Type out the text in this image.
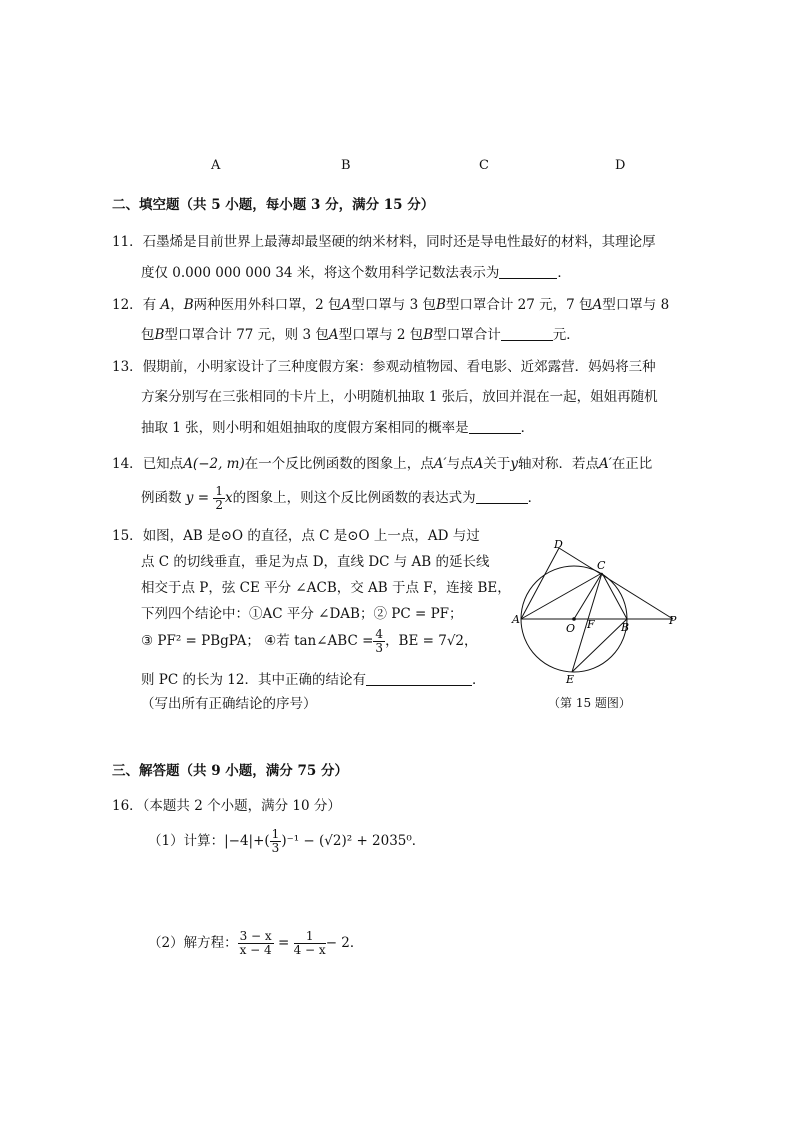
A	B	C	D
二、填空题（共 5 小题，每小题 3 分，满分 15 分）
11．石墨烯是目前世界上最薄却最坚硬的纳米材料，同时还是导电性最好的材料，其理论厚
度仅 0.000 000 000 34 米，将这个数用科学记数法表示为	．
12．有 A，B两种医用外科口罩，2 包A型口罩与 3 包B型口罩合计 27 元，7 包A型口罩与 8
包B型口罩合计 77 元，则 3 包A型口罩与 2 包B型口罩合计	元．
13．假期前，小明家设计了三种度假方案：参观动植物园、看电影、近郊露营．妈妈将三种
方案分别写在三张相同的卡片上，小明随机抽取 1 张后，放回并混在一起，姐姐再随机
抽取 1 张，则小明和姐姐抽取的度假方案相同的概率是	．
14．已知点A(−2, m)在一个反比例函数的图象上，点A′与点A关于y轴对称．若点A′在正比
例函数 $y = \frac{1}{2}$ x的图象上，则这个反比例函数的表达式为	．
15．如图，AB 是⊙O 的直径，点 C 是⊙O 上一点，AD 与过
点 C 的切线垂直，垂足为点 D，直线 DC 与 AB 的延长线
相交于点 P，弦 CE 平分 ∠ACB，交 AB 于点 F，连接 BE，
下列四个结论中：①AC 平分 ∠DAB；② PC = PF；
③ PF² = PBgPA； ④若 tan∠ABC = $\frac{4}{3}$ ，BE = 7√2，
则 PC 的长为 12．其中正确的结论有	．
（写出所有正确结论的序号）
D
C
A
O F B
P
E
（第 15 题图）
三、解答题（共 9 小题，满分 75 分）
16．（本题共 2 个小题，满分 10 分）
（1）计算：$|-4|+( \frac{1}{3} )^{-1} - (√2)^2 + 2035^0$．
（2）解方程： $\frac{3 - x}{x - 4} = \frac{1}{4 - x} - 2$．
